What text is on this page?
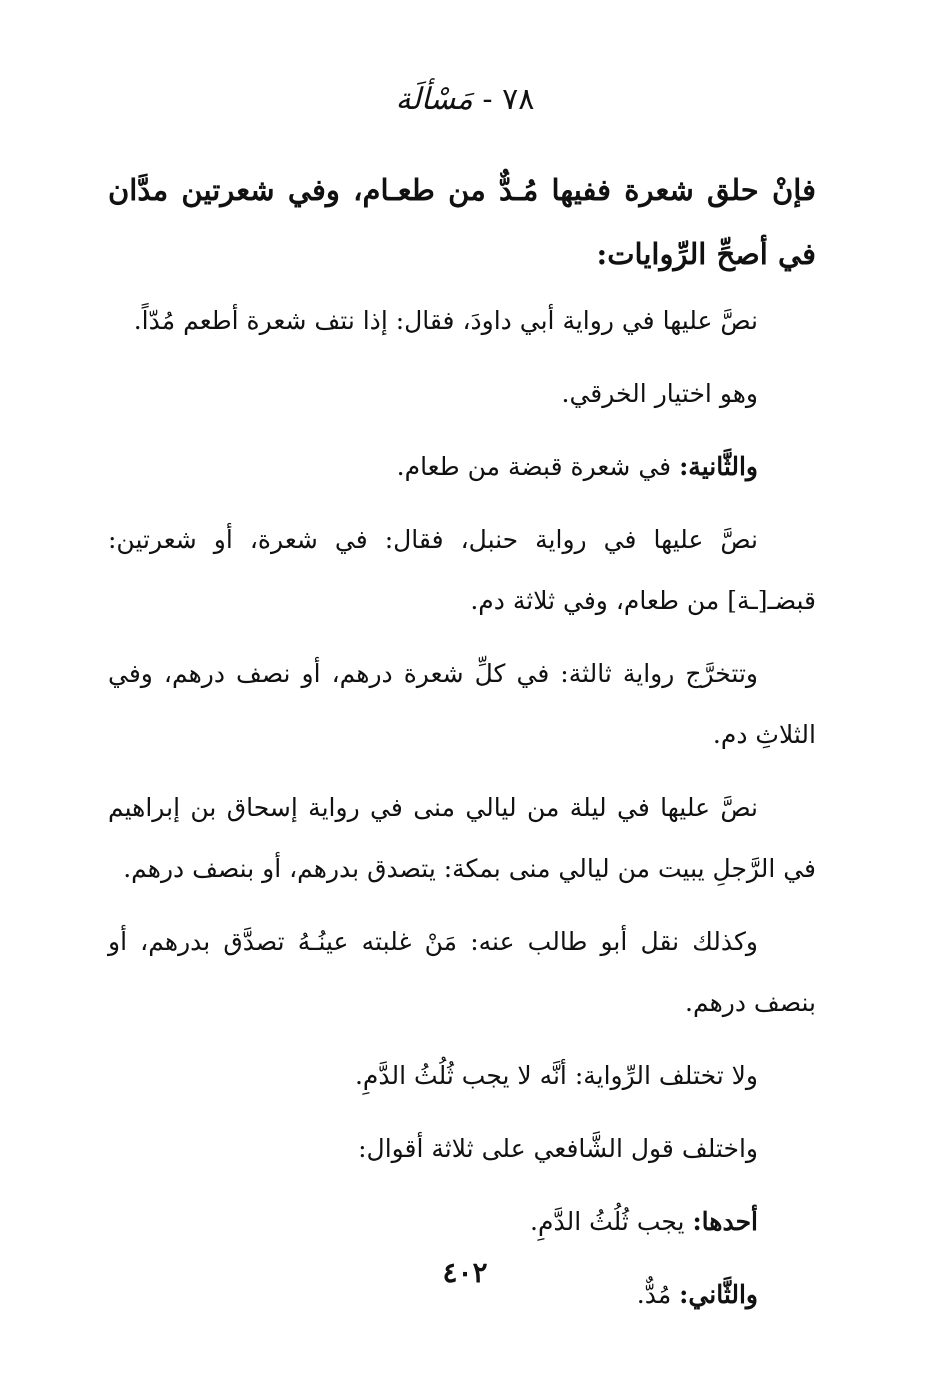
٧٨ - مَسْألَة

فإنْ حلق شعرة ففيها مُـدٌّ من طعـام، وفي شعرتين مدَّان في أصحِّ الرِّوايات:

نصَّ عليها في رواية أبي داودَ، فقال: إذا نتف شعرة أطعم مُدّاً.

وهو اختيار الخرقي.

والثَّانية: في شعرة قبضة من طعام.

نصَّ عليها في رواية حنبل، فقال: في شعرة، أو شعرتين: قبضـ[ـة] من طعام، وفي ثلاثة دم.

وتتخرَّج رواية ثالثة: في كلِّ شعرة درهم، أو نصف درهم، وفي الثلاثِ دم.

نصَّ عليها في ليلة من ليالي منى في رواية إسحاق بن إبراهيم في الرَّجلِ يبيت من ليالي منى بمكة: يتصدق بدرهم، أو بنصف درهم.

وكذلك نقل أبو طالب عنه: مَنْ غلبته عينُـهُ تصدَّق بدرهم، أو بنصف درهم.

ولا تختلف الرِّواية: أنَّه لا يجب ثُلُثُ الدَّمِ.

واختلف قول الشَّافعي على ثلاثة أقوال:

أحدها: يجب ثُلُثُ الدَّمِ.

والثَّاني: مُدٌّ.

٤٠٢
